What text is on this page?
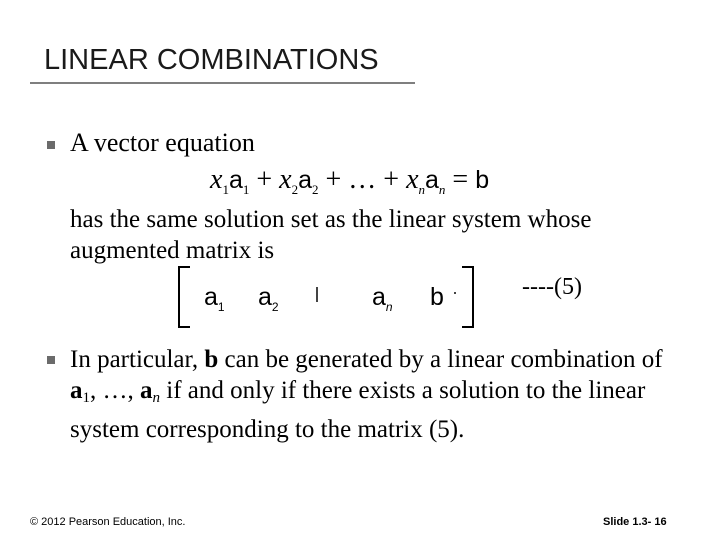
LINEAR COMBINATIONS
A vector equation
$x_1a_1 + x_2a_2$ + … + $x_na_n = b$
has the same solution set as the linear system whose augmented matrix is
$a_1$ $a_2$	$a_n$ b	----(5)
In particular, b can be generated by a linear combination of $a_1$, …, $a_n$ if and only if there exists a solution to the linear system corresponding to the matrix (5).
© 2012 Pearson Education, Inc.	Slide 1.3- 16
